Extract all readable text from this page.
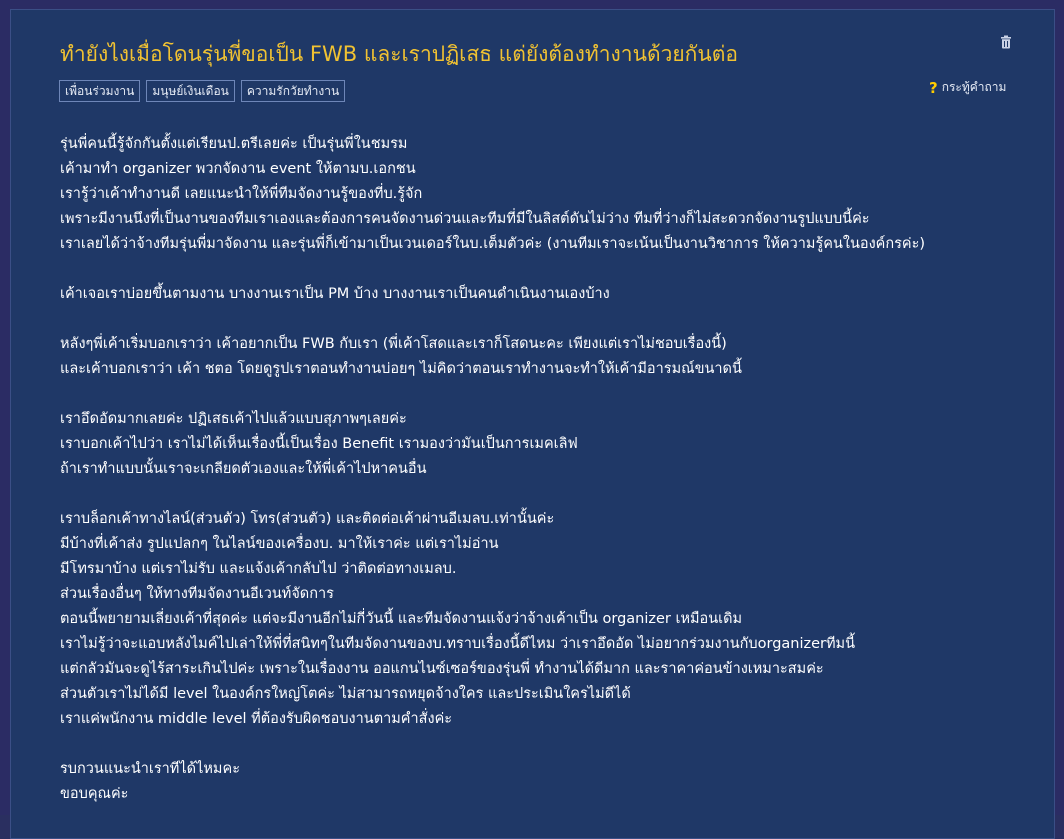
ทำยังไงเมื่อโดนรุ่นพี่ขอเป็น FWB และเราปฏิเสธ แต่ยังต้องทำงานด้วยกันต่อ
เพื่อนร่วมงาน	มนุษย์เงินเดือน	ความรักวัยทำงาน	? กระทู้คำถาม
รุ่นพี่คนนี้รู้จักกันตั้งแต่เรียนป.ตรีเลยค่ะ เป็นรุ่นพี่ในชมรม
เค้ามาทำ organizer พวกจัดงาน event ให้ตามบ.เอกชน
เรารู้ว่าเค้าทำงานดี เลยแนะนำให้พี่ทีมจัดงานรู้ของที่บ.รู้จัก
เพราะมีงานนึงที่เป็นงานของทีมเราเองและต้องการคนจัดงานด่วนและทีมที่มีในลิสต์ดันไม่ว่าง ทีมที่ว่างก็ไม่สะดวกจัดงานรูปแบบนี้ค่ะ
เราเลยได้ว่าจ้างทีมรุ่นพี่มาจัดงาน และรุ่นพี่ก็เข้ามาเป็นเวนเดอร์ในบ.เต็มตัวค่ะ (งานทีมเราจะเน้นเป็นงานวิชาการ ให้ความรู้คนในองค์กรค่ะ)
เค้าเจอเราบ่อยขึ้นตามงาน บางงานเราเป็น PM บ้าง บางงานเราเป็นคนดำเนินงานเองบ้าง
หลังๆพี่เค้าเริ่มบอกเราว่า เค้าอยากเป็น FWB กับเรา (พี่เค้าโสดและเราก็โสดนะคะ เพียงแต่เราไม่ชอบเรื่องนี้)
และเค้าบอกเราว่า เค้า ชตอ โดยดูรูปเราตอนทำงานบ่อยๆ ไม่คิดว่าตอนเราทำงานจะทำให้เค้ามีอารมณ์ขนาดนี้
เราอึดอัดมากเลยค่ะ ปฏิเสธเค้าไปแล้วแบบสุภาพๆเลยค่ะ
เราบอกเค้าไปว่า เราไม่ได้เห็นเรื่องนี้เป็นเรื่อง Benefit เรามองว่ามันเป็นการเมคเลิฟ
ถ้าเราทำแบบนั้นเราจะเกลียดตัวเองและให้พี่เค้าไปหาคนอื่น
เราบล็อกเค้าทางไลน์(ส่วนตัว) โทร(ส่วนตัว) และติดต่อเค้าผ่านอีเมลบ.เท่านั้นค่ะ
มีบ้างที่เค้าส่ง รูปแปลกๆ ในไลน์ของเครื่องบ. มาให้เราค่ะ แต่เราไม่อ่าน
มีโทรมาบ้าง แต่เราไม่รับ และแจ้งเค้ากลับไป ว่าติดต่อทางเมลบ.
ส่วนเรื่องอื่นๆ ให้ทางทีมจัดงานอีเวนท์จัดการ
ตอนนี้พยายามเลี่ยงเค้าที่สุดค่ะ แต่จะมีงานอีกไม่กี่วันนี้ และทีมจัดงานแจ้งว่าจ้างเค้าเป็น organizer เหมือนเดิม
เราไม่รู้ว่าจะแอบหลังไมค์ไปเล่าให้พี่ที่สนิทๆในทีมจัดงานของบ.ทราบเรื่องนี้ดีไหม ว่าเราอึดอัด ไม่อยากร่วมงานกับorganizerทีมนี้
แต่กลัวมันจะดูไร้สาระเกินไปค่ะ เพราะในเรื่องงาน ออแกนไนซ์เซอร์ของรุ่นพี่ ทำงานได้ดีมาก และราคาค่อนข้างเหมาะสมค่ะ
ส่วนตัวเราไม่ได้มี level ในองค์กรใหญ่โตค่ะ ไม่สามารถหยุดจ้างใคร และประเมินใครไม่ดีได้
เราแค่พนักงาน middle level ที่ต้องรับผิดชอบงานตามคำสั่งค่ะ
รบกวนแนะนำเราทีได้ไหมคะ
ขอบคุณค่ะ
